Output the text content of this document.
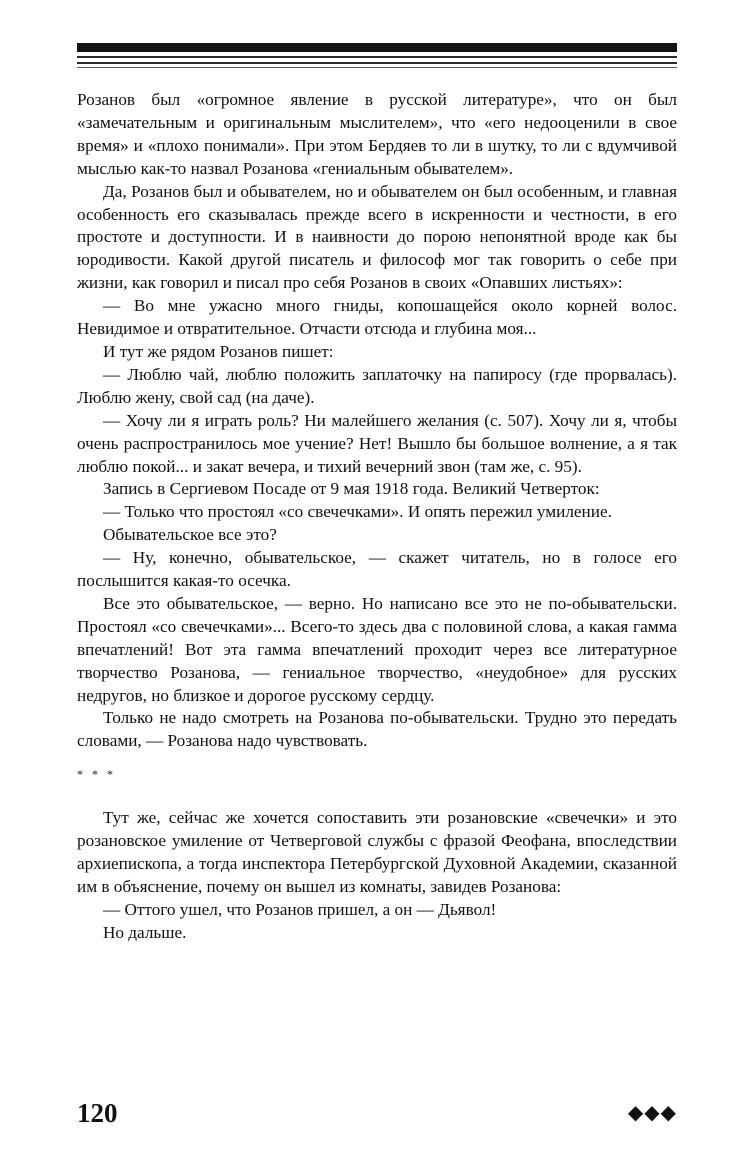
Розанов был «огромное явление в русской литературе», что он был «замечательным и оригинальным мыслителем», что «его недооценили в свое время» и «плохо понимали». При этом Бердяев то ли в шутку, то ли с вдумчивой мыслью как-то назвал Розанова «гениальным обывателем».

Да, Розанов был и обывателем, но и обывателем он был особенным, и главная особенность его сказывалась прежде всего в искренности и честности, в его простоте и доступности. И в наивности до порою непонятной вроде как бы юродивости. Какой другой писатель и философ мог так говорить о себе при жизни, как говорил и писал про себя Розанов в своих «Опавших листьях»:

— Во мне ужасно много гниды, копошащейся около корней волос. Невидимое и отвратительное. Отчасти отсюда и глубина моя...

И тут же рядом Розанов пишет:

— Люблю чай, люблю положить заплаточку на папиросу (где прорвалась). Люблю жену, свой сад (на даче).

— Хочу ли я играть роль? Ни малейшего желания (с. 507). Хочу ли я, чтобы очень распространилось мое учение? Нет! Вышло бы большое волнение, а я так люблю покой... и закат вечера, и тихий вечерний звон (там же, с. 95).

Запись в Сергиевом Посаде от 9 мая 1918 года. Великий Четверток:

— Только что простоял «со свечечками». И опять пережил умиление.

Обывательское все это?

— Ну, конечно, обывательское, — скажет читатель, но в голосе его послышится какая-то осечка.

Все это обывательское, — верно. Но написано все это не по-обывательски. Простоял «со свечечками»... Всего-то здесь два с половиной слова, а какая гамма впечатлений! Вот эта гамма впечатлений проходит через все литературное творчество Розанова, — гениальное творчество, «неудобное» для русских недругов, но близкое и дорогое русскому сердцу.

Только не надо смотреть на Розанова по-обывательски. Трудно это передать словами, — Розанова надо чувствовать.

* * *

Тут же, сейчас же хочется сопоставить эти розановские «свечечки» и это розановское умиление от Четверговой службы с фразой Феофана, впоследствии архиепископа, а тогда инспектора Петербургской Духовной Академии, сказанной им в объяснение, почему он вышел из комнаты, завидев Розанова:

— Оттого ушел, что Розанов пришел, а он — Дьявол!

Но дальше.

120	◆◆◆
